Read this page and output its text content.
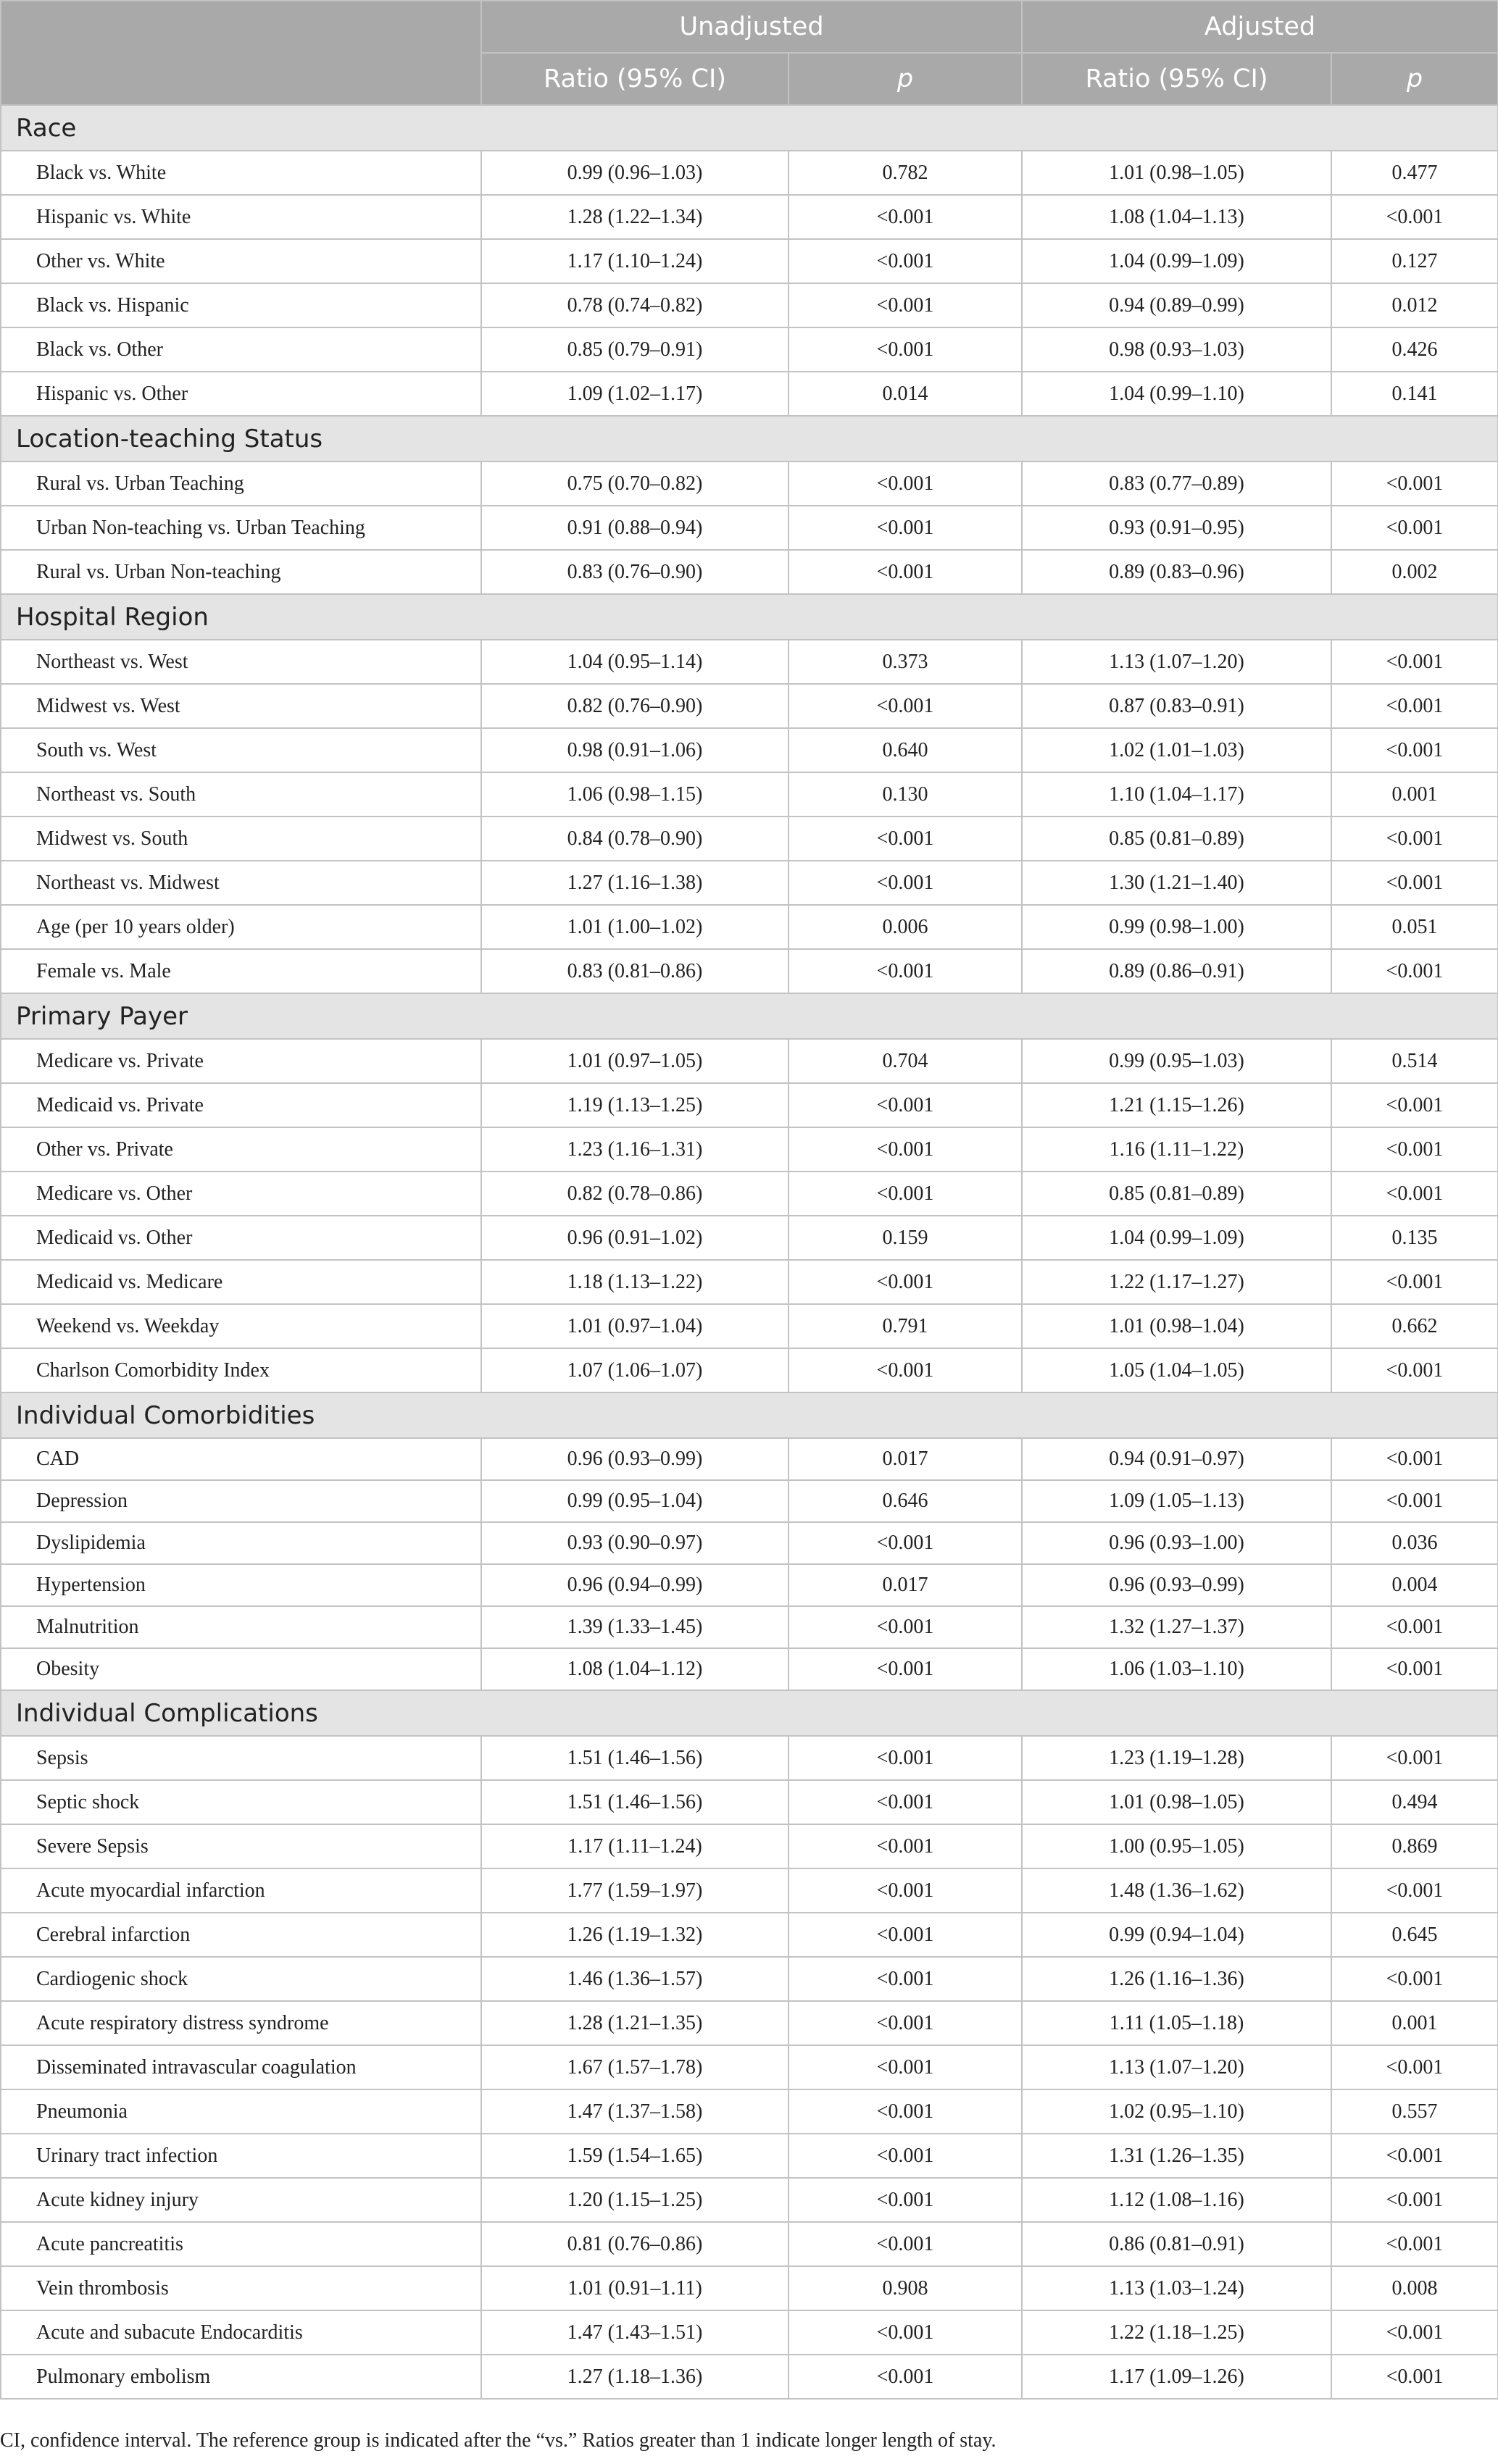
	Unadjusted		Adjusted	
	Ratio (95% CI)	p	Ratio (95% CI)	p
Race				
Black vs. White	0.99 (0.96–1.03)	0.782	1.01 (0.98–1.05)	0.477
Hispanic vs. White	1.28 (1.22–1.34)	<0.001	1.08 (1.04–1.13)	<0.001
Other vs. White	1.17 (1.10–1.24)	<0.001	1.04 (0.99–1.09)	0.127
Black vs. Hispanic	0.78 (0.74–0.82)	<0.001	0.94 (0.89–0.99)	0.012
Black vs. Other	0.85 (0.79–0.91)	<0.001	0.98 (0.93–1.03)	0.426
Hispanic vs. Other	1.09 (1.02–1.17)	0.014	1.04 (0.99–1.10)	0.141
Location-teaching Status				
Rural vs. Urban Teaching	0.75 (0.70–0.82)	<0.001	0.83 (0.77–0.89)	<0.001
Urban Non-teaching vs. Urban Teaching	0.91 (0.88–0.94)	<0.001	0.93 (0.91–0.95)	<0.001
Rural vs. Urban Non-teaching	0.83 (0.76–0.90)	<0.001	0.89 (0.83–0.96)	0.002
Hospital Region				
Northeast vs. West	1.04 (0.95–1.14)	0.373	1.13 (1.07–1.20)	<0.001
Midwest vs. West	0.82 (0.76–0.90)	<0.001	0.87 (0.83–0.91)	<0.001
South vs. West	0.98 (0.91–1.06)	0.640	1.02 (1.01–1.03)	<0.001
Northeast vs. South	1.06 (0.98–1.15)	0.130	1.10 (1.04–1.17)	0.001
Midwest vs. South	0.84 (0.78–0.90)	<0.001	0.85 (0.81–0.89)	<0.001
Northeast vs. Midwest	1.27 (1.16–1.38)	<0.001	1.30 (1.21–1.40)	<0.001
Age (per 10 years older)	1.01 (1.00–1.02)	0.006	0.99 (0.98–1.00)	0.051
Female vs. Male	0.83 (0.81–0.86)	<0.001	0.89 (0.86–0.91)	<0.001
Primary Payer				
Medicare vs. Private	1.01 (0.97–1.05)	0.704	0.99 (0.95–1.03)	0.514
Medicaid vs. Private	1.19 (1.13–1.25)	<0.001	1.21 (1.15–1.26)	<0.001
Other vs. Private	1.23 (1.16–1.31)	<0.001	1.16 (1.11–1.22)	<0.001
Medicare vs. Other	0.82 (0.78–0.86)	<0.001	0.85 (0.81–0.89)	<0.001
Medicaid vs. Other	0.96 (0.91–1.02)	0.159	1.04 (0.99–1.09)	0.135
Medicaid vs. Medicare	1.18 (1.13–1.22)	<0.001	1.22 (1.17–1.27)	<0.001
Weekend vs. Weekday	1.01 (0.97–1.04)	0.791	1.01 (0.98–1.04)	0.662
Charlson Comorbidity Index	1.07 (1.06–1.07)	<0.001	1.05 (1.04–1.05)	<0.001
Individual Comorbidities				
CAD	0.96 (0.93–0.99)	0.017	0.94 (0.91–0.97)	<0.001
Depression	0.99 (0.95–1.04)	0.646	1.09 (1.05–1.13)	<0.001
Dyslipidemia	0.93 (0.90–0.97)	<0.001	0.96 (0.93–1.00)	0.036
Hypertension	0.96 (0.94–0.99)	0.017	0.96 (0.93–0.99)	0.004
Malnutrition	1.39 (1.33–1.45)	<0.001	1.32 (1.27–1.37)	<0.001
Obesity	1.08 (1.04–1.12)	<0.001	1.06 (1.03–1.10)	<0.001
Individual Complications				
Sepsis	1.51 (1.46–1.56)	<0.001	1.23 (1.19–1.28)	<0.001
Septic shock	1.51 (1.46–1.56)	<0.001	1.01 (0.98–1.05)	0.494
Severe Sepsis	1.17 (1.11–1.24)	<0.001	1.00 (0.95–1.05)	0.869
Acute myocardial infarction	1.77 (1.59–1.97)	<0.001	1.48 (1.36–1.62)	<0.001
Cerebral infarction	1.26 (1.19–1.32)	<0.001	0.99 (0.94–1.04)	0.645
Cardiogenic shock	1.46 (1.36–1.57)	<0.001	1.26 (1.16–1.36)	<0.001
Acute respiratory distress syndrome	1.28 (1.21–1.35)	<0.001	1.11 (1.05–1.18)	0.001
Disseminated intravascular coagulation	1.67 (1.57–1.78)	<0.001	1.13 (1.07–1.20)	<0.001
Pneumonia	1.47 (1.37–1.58)	<0.001	1.02 (0.95–1.10)	0.557
Urinary tract infection	1.59 (1.54–1.65)	<0.001	1.31 (1.26–1.35)	<0.001
Acute kidney injury	1.20 (1.15–1.25)	<0.001	1.12 (1.08–1.16)	<0.001
Acute pancreatitis	0.81 (0.76–0.86)	<0.001	0.86 (0.81–0.91)	<0.001
Vein thrombosis	1.01 (0.91–1.11)	0.908	1.13 (1.03–1.24)	0.008
Acute and subacute Endocarditis	1.47 (1.43–1.51)	<0.001	1.22 (1.18–1.25)	<0.001
Pulmonary embolism	1.27 (1.18–1.36)	<0.001	1.17 (1.09–1.26)	<0.001
CI, confidence interval. The reference group is indicated after the “vs.” Ratios greater than 1 indicate longer length of stay.
